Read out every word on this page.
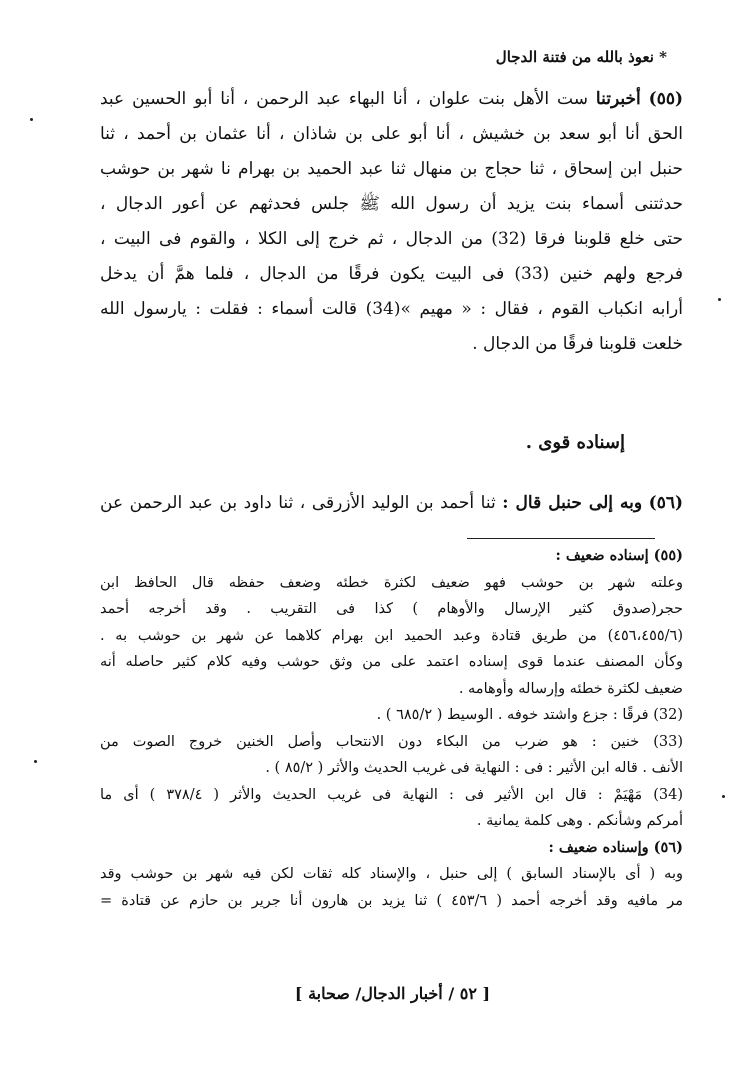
* نعوذ بالله من فتنة الدجال
(٥٥) أخبرتنا ست الأهل بنت علوان ، أنا البهاء عبد الرحمن ، أنا أبو الحسين عبد
الحق أنا أبو سعد بن خشيش ، أنا أبو على بن شاذان ، أنا عثمان بن أحمد ، ثنا
حنبل ابن إسحاق ، ثنا حجاج بن منهال ثنا عبد الحميد بن بهرام نا شهر بن حوشب
حدثتنى أسماء بنت يزيد أن رسول الله ﷺ جلس فحدثهم عن أعور الدجال ،
حتى خلع قلوبنا فرقا (32) من الدجال ، ثم خرج إلى الكلا ، والقوم فى البيت ،
فرجع ولهم خنين (33) فى البيت يكون فرقًا من الدجال ، فلما همَّ أن يدخل
أرابه انكباب القوم ، فقال : « مهيم »(34) قالت أسماء : فقلت : يارسول الله
خلعت قلوبنا فرقًا من الدجال .
إسناده قوى .
(٥٦) وبه إلى حنبل قال : ثنا أحمد بن الوليد الأزرقى ، ثنا داود بن عبد الرحمن عن
(٥٥) إسناده ضعيف :
وعلته شهر بن حوشب فهو ضعيف لكثرة خطئه وضعف حفظه قال الحافظ ابن
حجر(صدوق كثير الإرسال والأوهام ) كذا فى التقريب . وقد أخرجه أحمد
(٤٥٦،٤٥٥/٦) من طريق قتادة وعبد الحميد ابن بهرام كلاهما عن شهر بن حوشب به .
وكأن المصنف عندما قوى إسناده اعتمد على من وثق حوشب وفيه كلام كثير حاصله أنه
ضعيف لكثرة خطئه وإرساله وأوهامه .
(32) فرقًا : جزع واشتد خوفه . الوسيط ( ٦٨٥/٢ ) .
(33) خنين : هو ضرب من البكاء دون الانتحاب وأصل الخنين خروج الصوت من
الأنف . قاله ابن الأثير : فى : النهاية فى غريب الحديث والأثر ( ٨٥/٢ ) .
(34) مَهْيَمْ : قال ابن الأثير فى : النهاية فى غريب الحديث والأثر ( ٣٧٨/٤ ) أى ما
أمركم وشأنكم . وهى كلمة يمانية .
(٥٦) وإسناده ضعيف :
وبه ( أى بالإسناد السابق ) إلى حنبل ، والإسناد كله ثقات لكن فيه شهر بن حوشب وقد
مر مافيه وقد أخرجه أحمد ( ٤٥٣/٦ ) ثنا يزيد بن هارون أنا جرير بن حازم عن قتادة =
[ ٥٢ / أخبار الدجال/ صحابة ]
